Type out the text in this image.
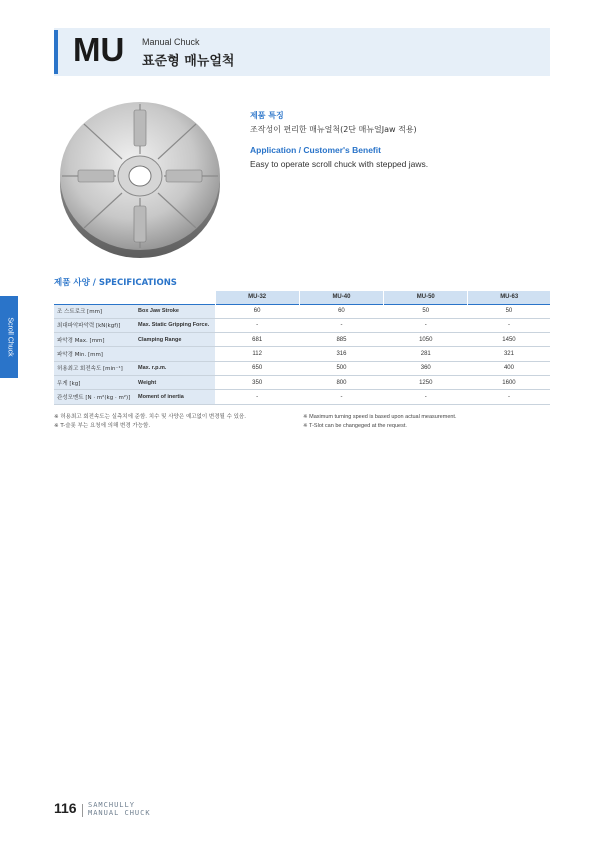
MU Manual Chuck
표준형 매뉴얼척
제품 특징
조작성이 편리한 매뉴얼척(2단 매뉴얼Jaw 적용)
Application / Customer's Benefit
Easy to operate scroll chuck with stepped jaws.
Scroll Chuck
제품 사양 / SPECIFICATIONS
		MU-32	MU-40	MU-50	MU-63
조 스트로크 [mm]	Box Jaw Stroke	60	60	50	50
최대파악파악력 [kN(kgf)]	Max. Static Gripping Force.	-	-	-	-
파악경 Max. [mm]	Clamping Range	681	885	1050	1450
파악경 Min. [mm]		112	316	281	321
허용최고 회전속도 [min⁻¹]	Max. r.p.m.	650	500	360	400
무게 [kg]	Weight	350	800	1250	1600
관성모멘트 [N · m²(kg · m²)]	Moment of inertia	-	-	-	-
※ 허용최고 회전속도는 실측치에 준함. 치수 및 사양은 예고없이 변경될 수 있음.
※ T-슬롯 부는 요청에 의해 변경 가능함.
※ Maximum turning speed is based upon actual measurement.
※ T-Slot can be changeged at the request.
116 SAMCHULLY
MANUAL CHUCK
